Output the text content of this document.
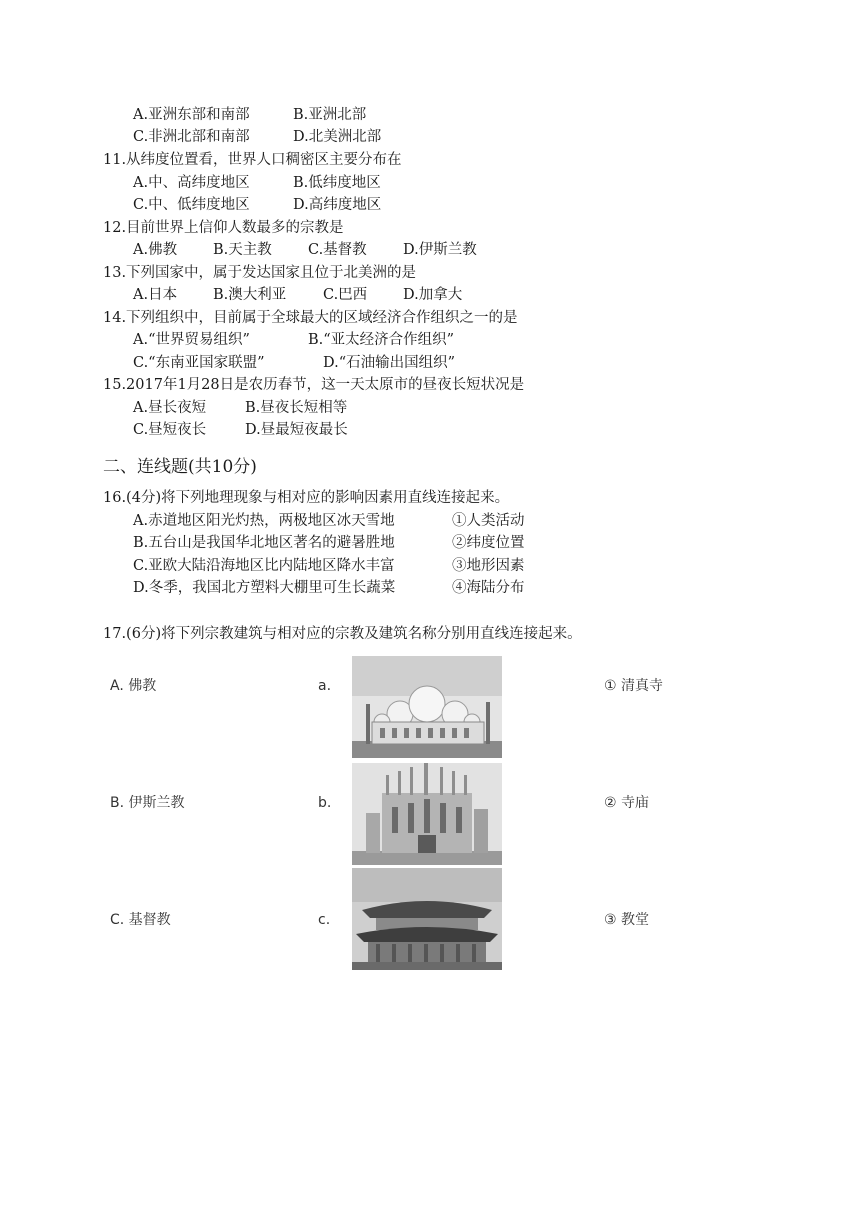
A.亚洲东部和南部	B.亚洲北部
C.非洲北部和南部	D.北美洲北部
11.从纬度位置看，世界人口稠密区主要分布在
A.中、高纬度地区	B.低纬度地区
C.中、低纬度地区	D.高纬度地区
12.目前世界上信仰人数最多的宗教是
A.佛教 B.天主教 C.基督教	D.伊斯兰教
13.下列国家中，属于发达国家且位于北美洲的是
A.日本 B.澳大利亚	C.巴西 D.加拿大
14.下列组织中，目前属于全球最大的区域经济合作组织之一的是
A.“世界贸易组织”	B.“亚太经济合作组织”
C.“东南亚国家联盟”	D.“石油输出国组织”
15.2017年1月28日是农历春节，这一天太原市的昼夜长短状况是
A.昼长夜短	B.昼夜长短相等
C.昼短夜长	D.昼最短夜最长
二、连线题(共10分)
16.(4分)将下列地理现象与相对应的影响因素用直线连接起来。
A.赤道地区阳光灼热，两极地区冰天雪地	①人类活动
B.五台山是我国华北地区著名的避暑胜地	②纬度位置
C.亚欧大陆沿海地区比内陆地区降水丰富	③地形因素
D.冬季，我国北方塑料大棚里可生长蔬菜	④海陆分布
17.(6分)将下列宗教建筑与相对应的宗教及建筑名称分别用直线连接起来。
A. 佛教	a.	① 清真寺
B. 伊斯兰教	b.	② 寺庙
C. 基督教	c.	③ 教堂
